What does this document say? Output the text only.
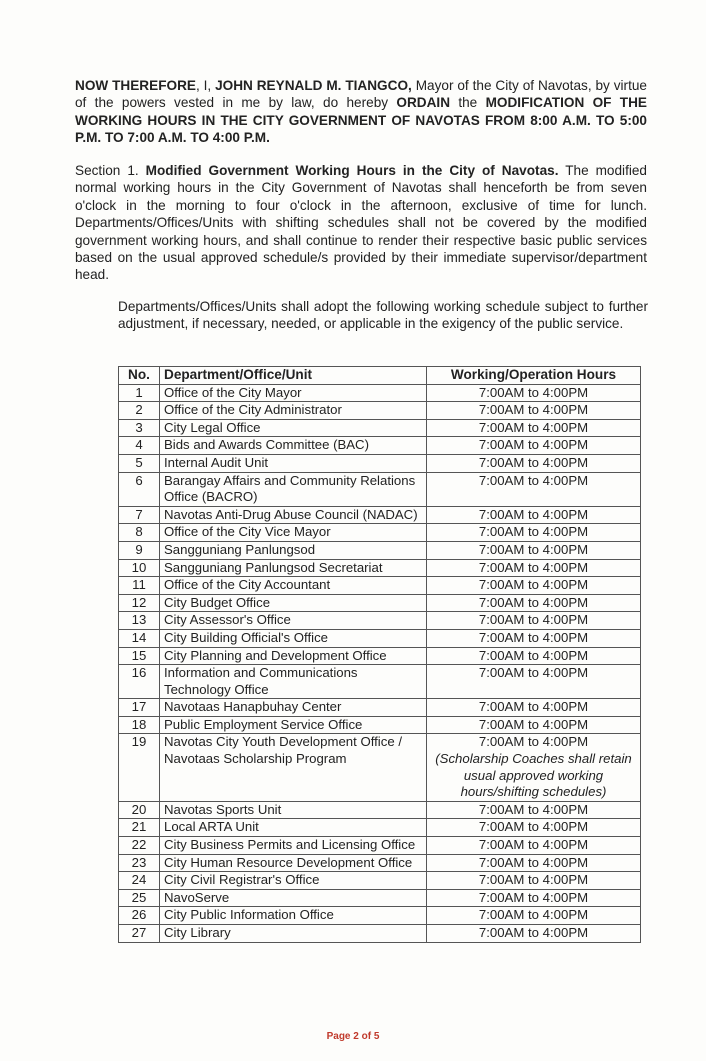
NOW THEREFORE, I, JOHN REYNALD M. TIANGCO, Mayor of the City of Navotas, by virtue of the powers vested in me by law, do hereby ORDAIN the MODIFICATION OF THE WORKING HOURS IN THE CITY GOVERNMENT OF NAVOTAS FROM 8:00 A.M. TO 5:00 P.M. TO 7:00 A.M. TO 4:00 P.M.
Section 1. Modified Government Working Hours in the City of Navotas. The modified normal working hours in the City Government of Navotas shall henceforth be from seven o'clock in the morning to four o'clock in the afternoon, exclusive of time for lunch. Departments/Offices/Units with shifting schedules shall not be covered by the modified government working hours, and shall continue to render their respective basic public services based on the usual approved schedule/s provided by their immediate supervisor/department head.
Departments/Offices/Units shall adopt the following working schedule subject to further adjustment, if necessary, needed, or applicable in the exigency of the public service.
No.	Department/Office/Unit	Working/Operation Hours
1	Office of the City Mayor	7:00AM to 4:00PM
2	Office of the City Administrator	7:00AM to 4:00PM
3	City Legal Office	7:00AM to 4:00PM
4	Bids and Awards Committee (BAC)	7:00AM to 4:00PM
5	Internal Audit Unit	7:00AM to 4:00PM
6	Barangay Affairs and Community Relations Office (BACRO)	7:00AM to 4:00PM
7	Navotas Anti-Drug Abuse Council (NADAC)	7:00AM to 4:00PM
8	Office of the City Vice Mayor	7:00AM to 4:00PM
9	Sangguniang Panlungsod	7:00AM to 4:00PM
10	Sangguniang Panlungsod Secretariat	7:00AM to 4:00PM
11	Office of the City Accountant	7:00AM to 4:00PM
12	City Budget Office	7:00AM to 4:00PM
13	City Assessor's Office	7:00AM to 4:00PM
14	City Building Official's Office	7:00AM to 4:00PM
15	City Planning and Development Office	7:00AM to 4:00PM
16	Information and Communications Technology Office	7:00AM to 4:00PM
17	Navotaas Hanapbuhay Center	7:00AM to 4:00PM
18	Public Employment Service Office	7:00AM to 4:00PM
19	Navotas City Youth Development Office / Navotaas Scholarship Program	7:00AM to 4:00PM
(Scholarship Coaches shall retain usual approved working hours/shifting schedules)

20	Navotas Sports Unit	7:00AM to 4:00PM
21	Local ARTA Unit	7:00AM to 4:00PM
22	City Business Permits and Licensing Office	7:00AM to 4:00PM
23	City Human Resource Development Office	7:00AM to 4:00PM
24	City Civil Registrar's Office	7:00AM to 4:00PM
25	NavoServe	7:00AM to 4:00PM
26	City Public Information Office	7:00AM to 4:00PM
27	City Library	7:00AM to 4:00PM
Page 2 of 5
